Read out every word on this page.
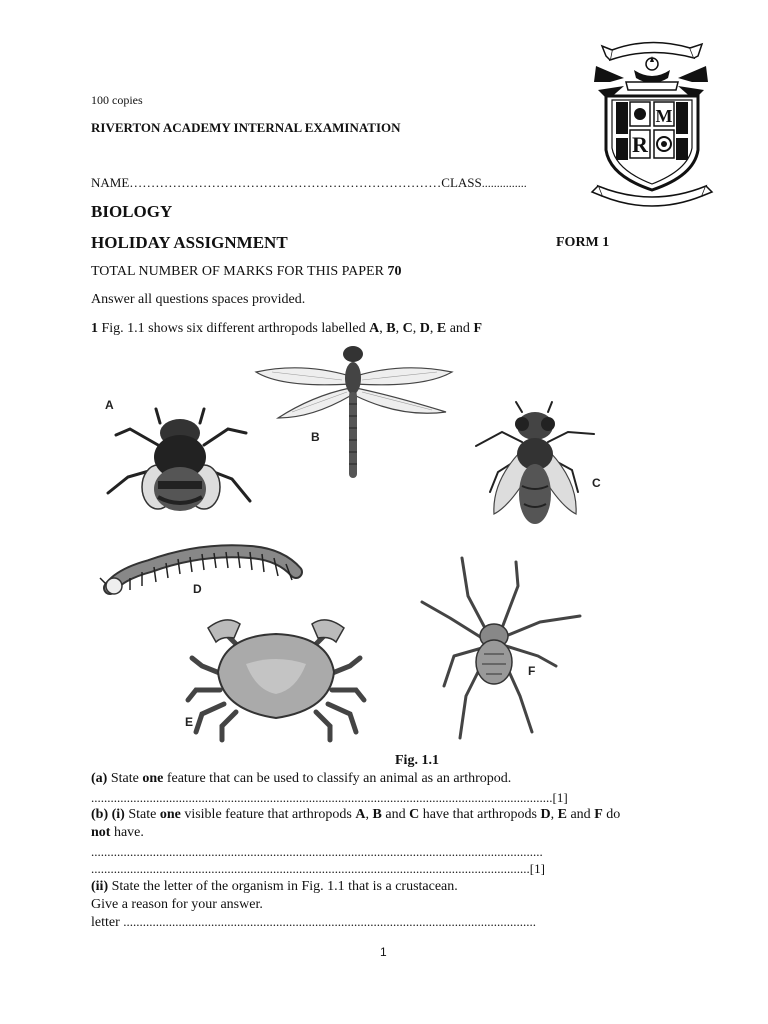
100 copies
RIVERTON ACADEMY INTERNAL EXAMINATION
NAME………………………………………………………………CLASS...............
BIOLOGY
HOLIDAY ASSIGNMENT	FORM 1
TOTAL NUMBER OF MARKS FOR THIS PAPER 70
Answer all questions spaces provided.
M
R
1 Fig. 1.1 shows six different arthropods labelled A, B, C, D, E and F
A
B
C
D
E
F
Fig. 1.1
(a) State one feature that can be used to classify an animal as an arthropod.
..............................................................................................................................................[1]
(b) (i) State one visible feature that arthropods A, B and C have that arthropods D, E and F do
not have.
...........................................................................................................................................
.......................................................................................................................................[1]
(ii) State the letter of the organism in Fig. 1.1 that is a crustacean.
Give a reason for your answer.
letter ...............................................................................................................................
1
